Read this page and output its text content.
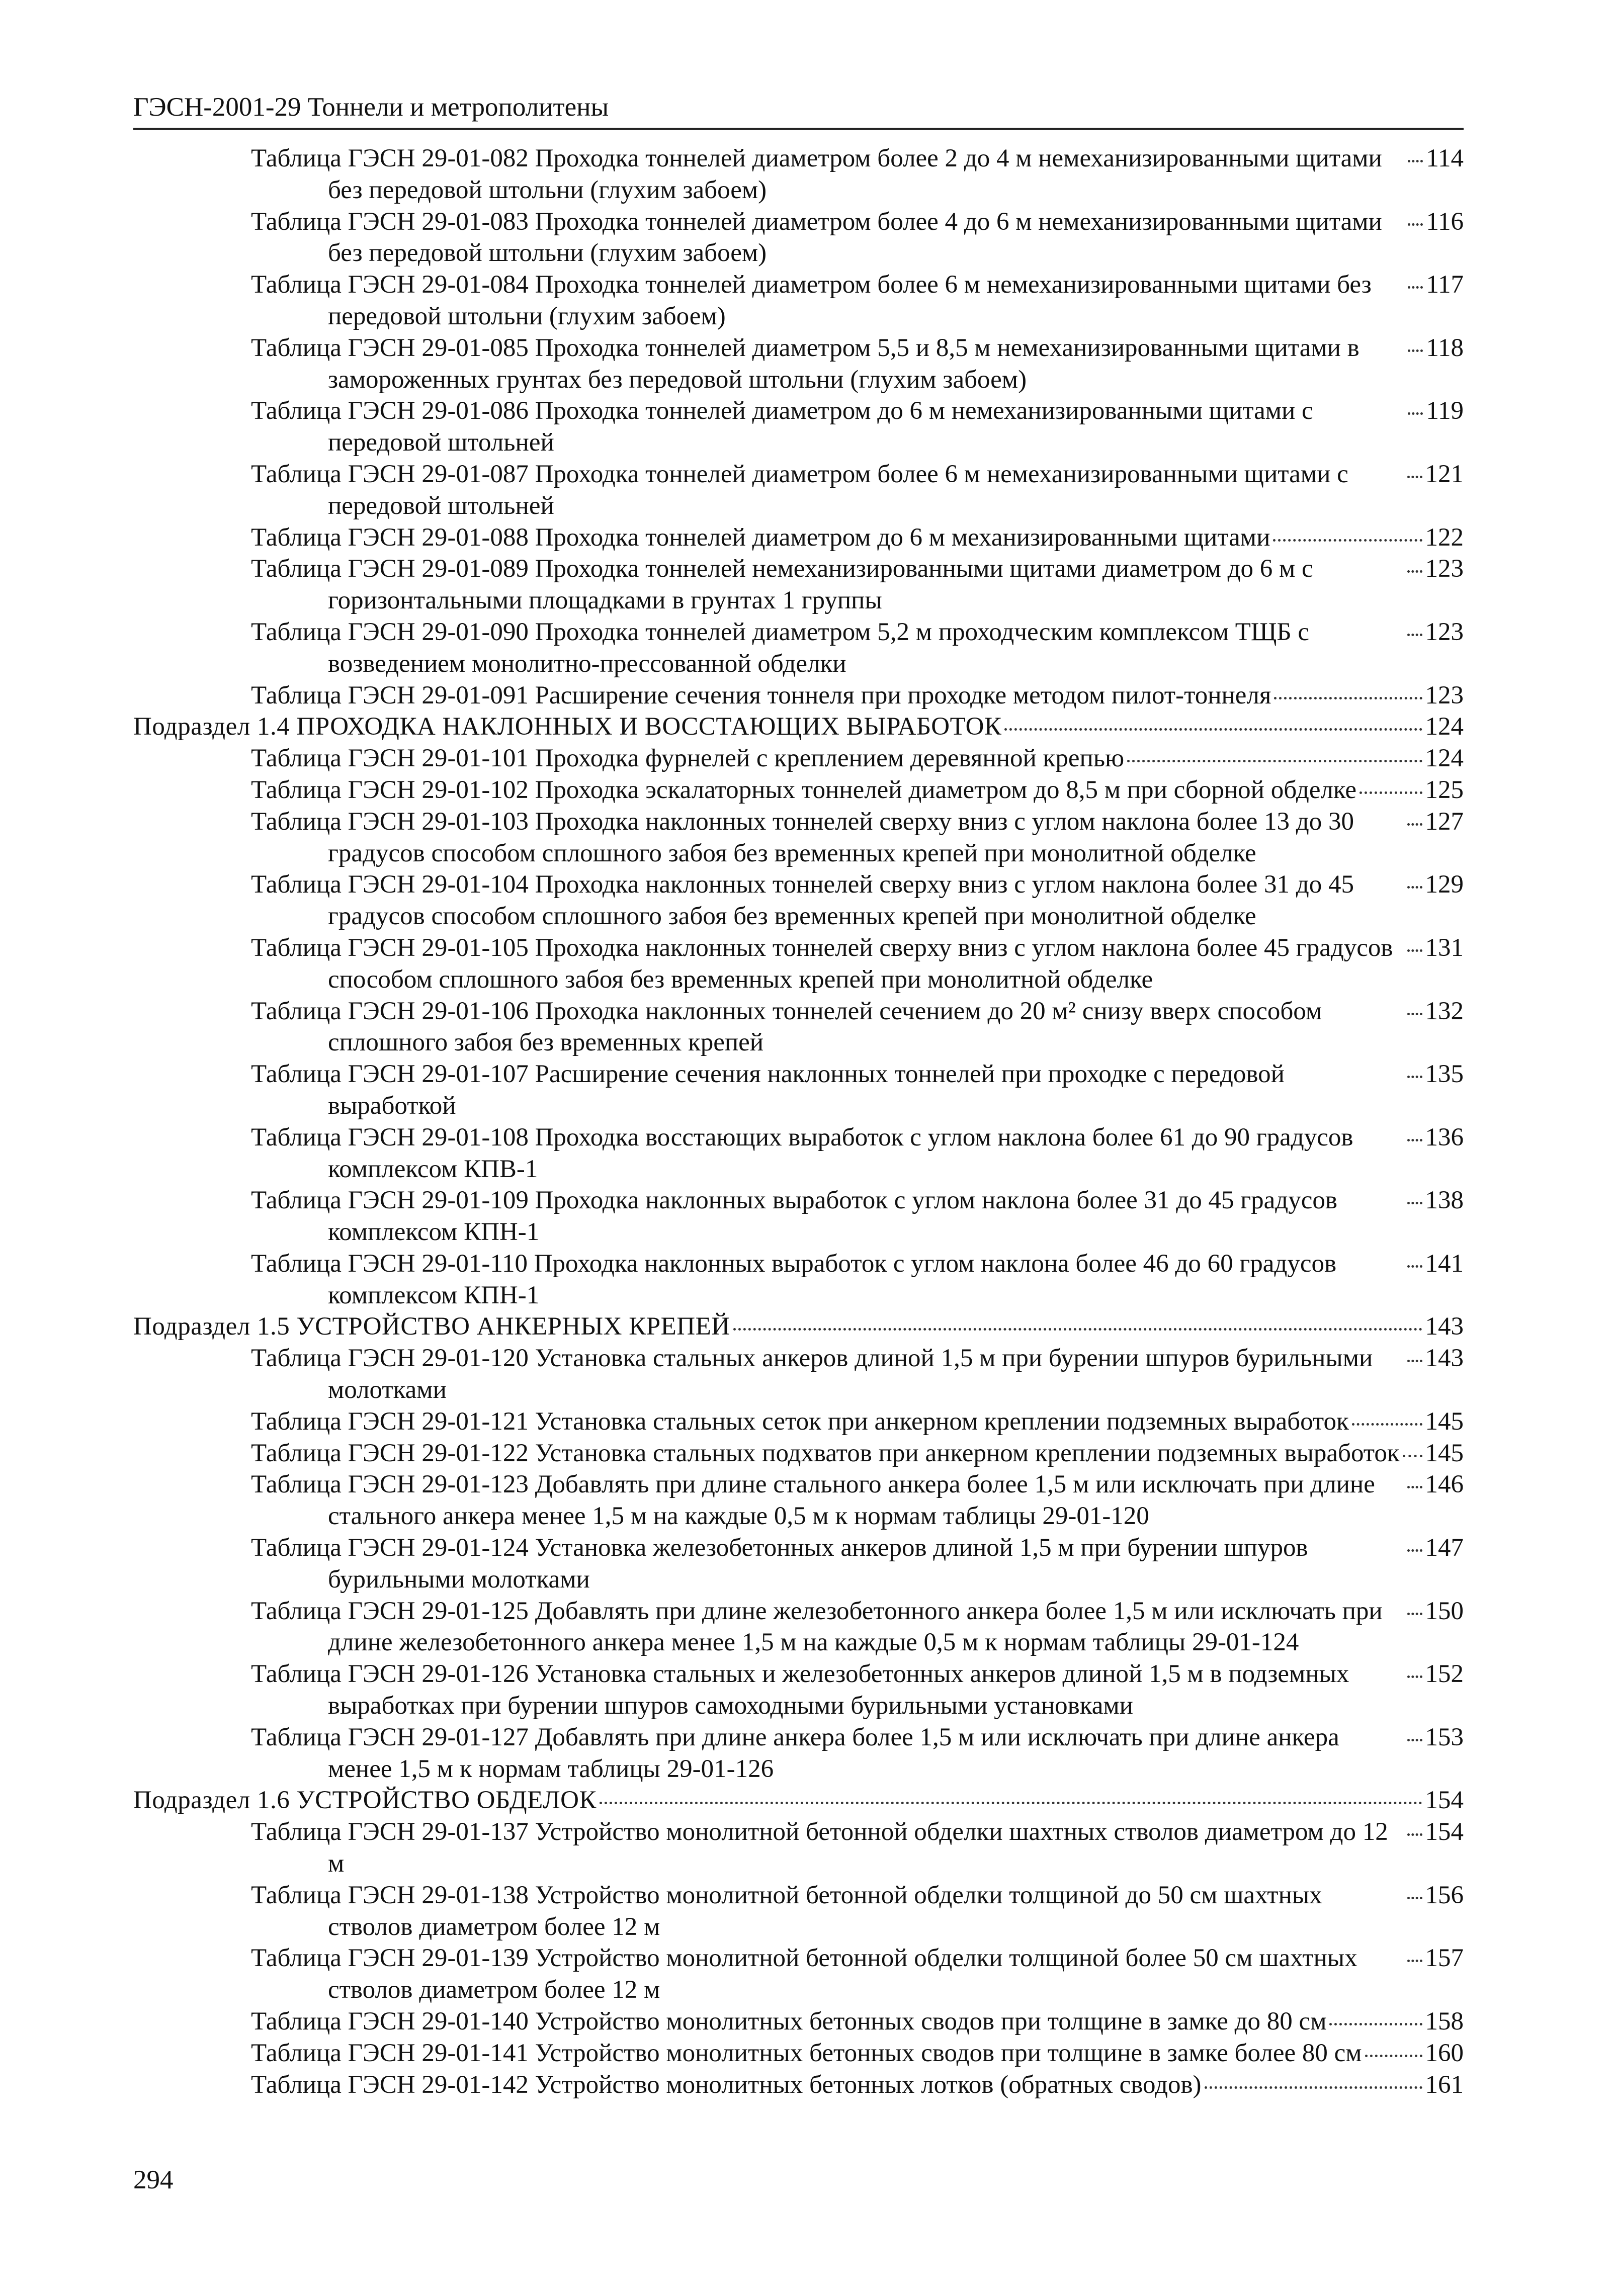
ГЭСН-2001-29 Тоннели и метрополитены
Таблица ГЭСН 29-01-082 Проходка тоннелей диаметром более 2 до 4 м немеханизированными щитами без передовой штольни (глухим забоем)
114
Таблица ГЭСН 29-01-083 Проходка тоннелей диаметром более 4 до 6 м немеханизированными щитами без передовой штольни (глухим забоем)
116
Таблица ГЭСН 29-01-084 Проходка тоннелей диаметром более 6 м немеханизированными щитами без передовой штольни (глухим забоем)
117
Таблица ГЭСН 29-01-085 Проходка тоннелей диаметром 5,5 и 8,5 м немеханизированными щитами в замороженных грунтах без передовой штольни (глухим забоем)
118
Таблица ГЭСН 29-01-086 Проходка тоннелей диаметром до 6 м немеханизированными щитами с передовой штольней
119
Таблица ГЭСН 29-01-087 Проходка тоннелей диаметром более 6 м немеханизированными щитами с передовой штольней
121
Таблица ГЭСН 29-01-088 Проходка тоннелей диаметром до 6 м механизированными щитами	122
Таблица ГЭСН 29-01-089 Проходка тоннелей немеханизированными щитами диаметром до 6 м с горизонтальными площадками в грунтах 1 группы
123
Таблица ГЭСН 29-01-090 Проходка тоннелей диаметром 5,2 м проходческим комплексом ТЩБ с возведением монолитно-прессованной обделки
123
Таблица ГЭСН 29-01-091 Расширение сечения тоннеля при проходке методом пилот-тоннеля	123
Подраздел 1.4 ПРОХОДКА НАКЛОННЫХ И ВОССТАЮЩИХ ВЫРАБОТОК	124
Таблица ГЭСН 29-01-101 Проходка фурнелей с креплением деревянной крепью	124
Таблица ГЭСН 29-01-102 Проходка эскалаторных тоннелей диаметром до 8,5 м при сборной обделке	125
Таблица ГЭСН 29-01-103 Проходка наклонных тоннелей сверху вниз с углом наклона более 13 до 30 градусов способом сплошного забоя без временных крепей при монолитной обделке
127
Таблица ГЭСН 29-01-104 Проходка наклонных тоннелей сверху вниз с углом наклона более 31 до 45 градусов способом сплошного забоя без временных крепей при монолитной обделке
129
Таблица ГЭСН 29-01-105 Проходка наклонных тоннелей сверху вниз с углом наклона более 45 градусов способом сплошного забоя без временных крепей при монолитной обделке
131
Таблица ГЭСН 29-01-106 Проходка наклонных тоннелей сечением до 20 м² снизу вверх способом сплошного забоя без временных крепей
132
Таблица ГЭСН 29-01-107 Расширение сечения наклонных тоннелей при проходке с передовой выработкой
135
Таблица ГЭСН 29-01-108 Проходка восстающих выработок с углом наклона более 61 до 90 градусов комплексом КПВ-1
136
Таблица ГЭСН 29-01-109 Проходка наклонных выработок с углом наклона более 31 до 45 градусов комплексом КПН-1
138
Таблица ГЭСН 29-01-110 Проходка наклонных выработок с углом наклона более 46 до 60 градусов комплексом КПН-1
141
Подраздел 1.5 УСТРОЙСТВО АНКЕРНЫХ КРЕПЕЙ	143
Таблица ГЭСН 29-01-120 Установка стальных анкеров длиной 1,5 м при бурении шпуров бурильными молотками
143
Таблица ГЭСН 29-01-121 Установка стальных сеток при анкерном креплении подземных выработок	145
Таблица ГЭСН 29-01-122 Установка стальных подхватов при анкерном креплении подземных выработок 145
Таблица ГЭСН 29-01-123 Добавлять при длине стального анкера более 1,5 м или исключать при длине стального анкера менее 1,5 м на каждые 0,5 м к нормам таблицы 29-01-120
146
Таблица ГЭСН 29-01-124 Установка железобетонных анкеров длиной 1,5 м при бурении шпуров бурильными молотками
147
Таблица ГЭСН 29-01-125 Добавлять при длине железобетонного анкера более 1,5 м или исключать при длине железобетонного анкера менее 1,5 м на каждые 0,5 м к нормам таблицы 29-01-124
150
Таблица ГЭСН 29-01-126 Установка стальных и железобетонных анкеров длиной 1,5 м в подземных выработках при бурении шпуров самоходными бурильными установками
152
Таблица ГЭСН 29-01-127 Добавлять при длине анкера более 1,5 м или исключать при длине анкера менее 1,5 м к нормам таблицы 29-01-126
153
Подраздел 1.6 УСТРОЙСТВО ОБДЕЛОК	154
Таблица ГЭСН 29-01-137 Устройство монолитной бетонной обделки шахтных стволов диаметром до 12 м
154
Таблица ГЭСН 29-01-138 Устройство монолитной бетонной обделки толщиной до 50 см шахтных стволов диаметром более 12 м
156
Таблица ГЭСН 29-01-139 Устройство монолитной бетонной обделки толщиной более 50 см шахтных стволов диаметром более 12 м
157
Таблица ГЭСН 29-01-140 Устройство монолитных бетонных сводов при толщине в замке до 80 см	158
Таблица ГЭСН 29-01-141 Устройство монолитных бетонных сводов при толщине в замке более 80 см 160
Таблица ГЭСН 29-01-142 Устройство монолитных бетонных лотков (обратных сводов)	161
294
